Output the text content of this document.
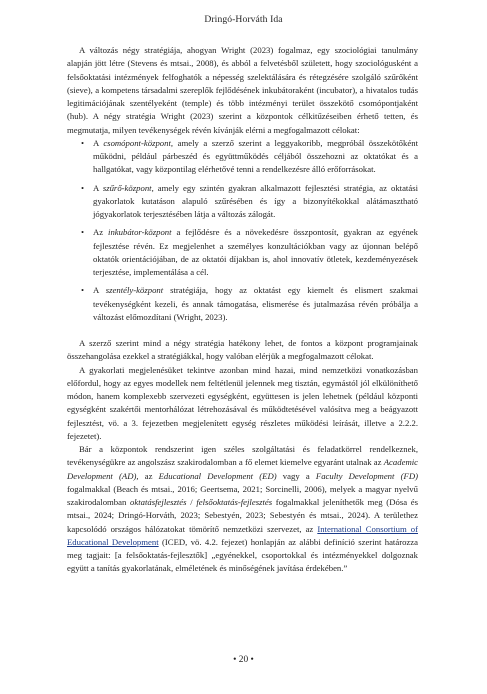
Dringó-Horváth Ida

A változás négy stratégiája, ahogyan Wright (2023) fogalmaz, egy szociológiai tanulmány alapján jött létre (Stevens és mtsai., 2008), és abból a felvetésből született, hogy szociológusként a felsőoktatási intézmények felfoghatók a népesség szelektálására és rétegzésére szolgáló szűrőként (sieve), a kompetens társadalmi szereplők fejlődésének inkubátoraként (incubator), a hivatalos tudás legitimációjának szentélyeként (temple) és több intézményi terület összekötő csomópontjaként (hub). A négy stratégia Wright (2023) szerint a központok célkitűzéseiben érhető tetten, és megmutatja, milyen tevékenységek révén kívánják elérni a megfogalmazott célokat:

• A csomópont-központ, amely a szerző szerint a leggyakoribb, megpróbál összekötőként működni, például párbeszéd és együttműködés céljából összehozni az oktatókat és a hallgatókat, vagy központilag elérhetővé tenni a rendelkezésre álló erőforrásokat.
• A szűrő-központ, amely egy szintén gyakran alkalmazott fejlesztési stratégia, az oktatási gyakorlatok kutatáson alapuló szűrésében és így a bizonyítékokkal alátámasztható jógyakorlatok terjesztésében látja a változás zálogát.
• Az inkubátor-központ a fejlődésre és a növekedésre összpontosít, gyakran az egyének fejlesztése révén. Ez megjelenhet a személyes konzultációkban vagy az újonnan belépő oktatók orientációjában, de az oktatói díjakban is, ahol innovatív ötletek, kezdeményezések terjesztése, implementálása a cél.
• A szentély-központ stratégiája, hogy az oktatást egy kiemelt és elismert szakmai tevékenységként kezeli, és annak támogatása, elismerése és jutalmazása révén próbálja a változást előmozdítani (Wright, 2023).

A szerző szerint mind a négy stratégia hatékony lehet, de fontos a központ programjainak összehangolása ezekkel a stratégiákkal, hogy valóban elérjük a megfogalmazott célokat.

A gyakorlati megjelenésüket tekintve azonban mind hazai, mind nemzetközi vonatkozásban előfordul, hogy az egyes modellek nem feltétlenül jelennek meg tisztán, egymástól jól elkülöníthető módon, hanem komplexebb szervezeti egységként, együttesen is jelen lehetnek (például központi egységként szakértői mentorhálózat létrehozásával és működtetésével valósítva meg a beágyazott fejlesztést, vö. a 3. fejezetben megjelenített egység részletes működési leírását, illetve a 2.2.2. fejezetet).

Bár a központok rendszerint igen széles szolgáltatási és feladatkörrel rendelkeznek, tevékenységükre az angolszász szakirodalomban a fő elemet kiemelve egyaránt utalnak az Academic Development (AD), az Educational Development (ED) vagy a Faculty Development (FD) fogalmakkal (Beach és mtsai., 2016; Geertsema, 2021; Sorcinelli, 2006), melyek a magyar nyelvű szakirodalomban oktatásfejlesztés / felsőoktatás-fejlesztés fogalmakkal jeleníthetők meg (Dósa és mtsai., 2024; Dringó-Horváth, 2023; Sebestyén, 2023; Sebestyén és mtsai., 2024). A területhez kapcsolódó országos hálózatokat tömörítő nemzetközi szervezet, az International Consortium of Educational Development (ICED, vö. 4.2. fejezet) honlapján az alábbi definíció szerint határozza meg tagjait: [a felsőoktatás-fejlesztők] „egyénekkel, csoportokkal és intézményekkel dolgoznak együtt a tanítás gyakorlatának, elméletének és minőségének javítása érdekében.”

• 20 •
